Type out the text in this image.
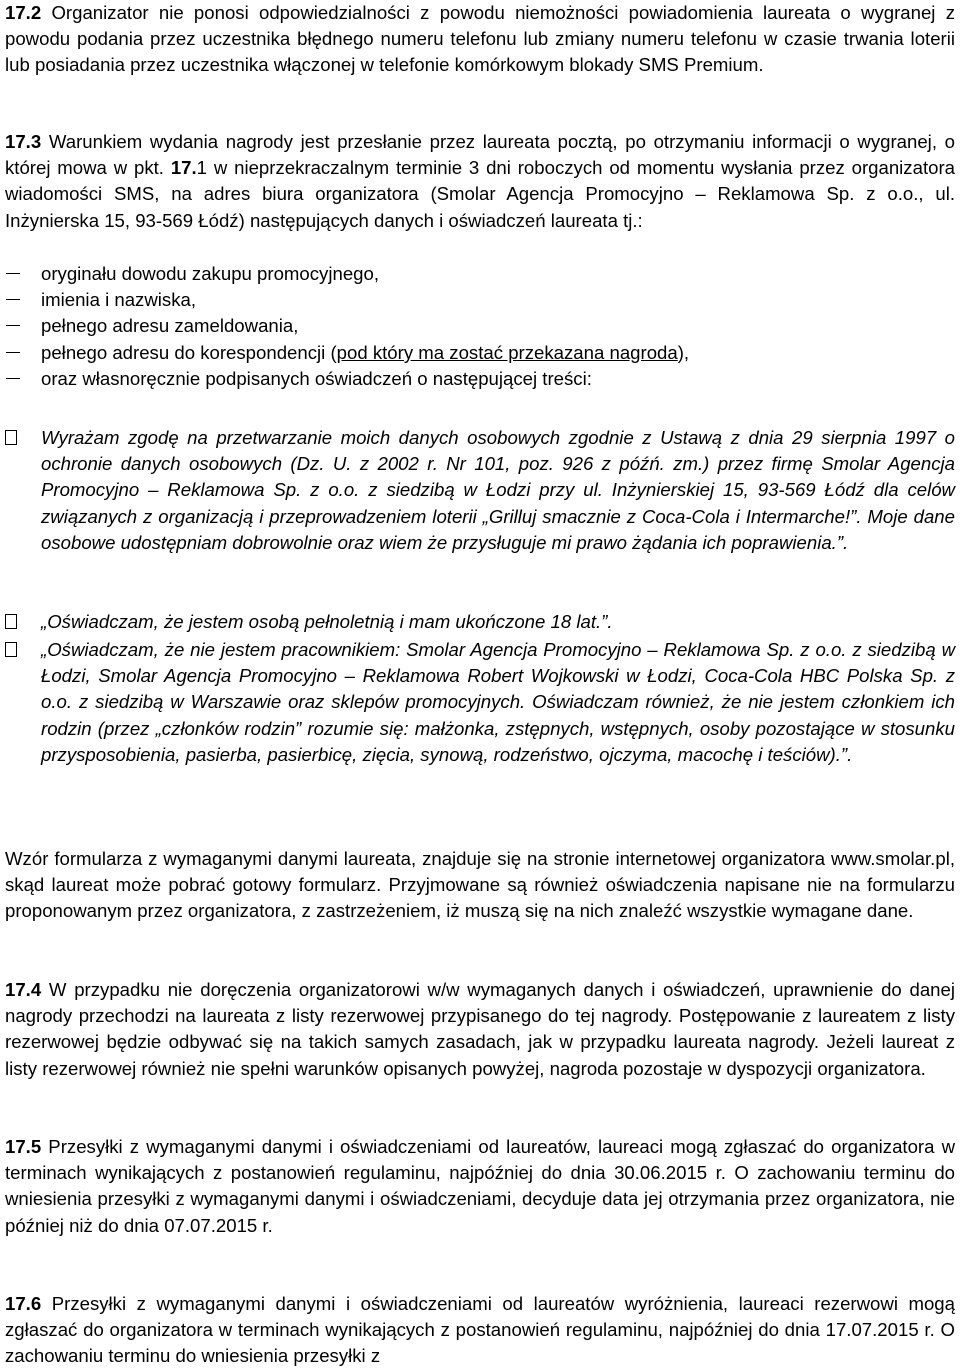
17.2 Organizator nie ponosi odpowiedzialności z powodu niemożności powiadomienia laureata o wygranej z powodu podania przez uczestnika błędnego numeru telefonu lub zmiany numeru telefonu w czasie trwania loterii lub posiadania przez uczestnika włączonej w telefonie komórkowym blokady SMS Premium.

17.3 Warunkiem wydania nagrody jest przesłanie przez laureata pocztą, po otrzymaniu informacji o wygranej, o której mowa w pkt. 17.1 w nieprzekraczalnym terminie 3 dni roboczych od momentu wysłania przez organizatora wiadomości SMS, na adres biura organizatora (Smolar Agencja Promocyjno – Reklamowa Sp. z o.o., ul. Inżynierska 15, 93-569 Łódź) następujących danych i oświadczeń laureata tj.:

oryginału dowodu zakupu promocyjnego,
imienia i nazwiska,
pełnego adresu zameldowania,
pełnego adresu do korespondencji (pod który ma zostać przekazana nagroda),
oraz własnoręcznie podpisanych oświadczeń o następującej treści:

Wyrażam zgodę na przetwarzanie moich danych osobowych zgodnie z Ustawą z dnia 29 sierpnia 1997 o ochronie danych osobowych (Dz. U. z 2002 r. Nr 101, poz. 926 z późń. zm.) przez firmę Smolar Agencja Promocyjno – Reklamowa Sp. z o.o. z siedzibą w Łodzi przy ul. Inżynierskiej 15, 93-569 Łódź dla celów związanych z organizacją i przeprowadzeniem loterii „Grilluj smacznie z Coca-Cola i Intermarche!”. Moje dane osobowe udostępniam dobrowolnie oraz wiem że przysługuje mi prawo żądania ich poprawienia.”.

„Oświadczam, że jestem osobą pełnoletnią i mam ukończone 18 lat.”.

„Oświadczam, że nie jestem pracownikiem: Smolar Agencja Promocyjno – Reklamowa Sp. z o.o. z siedzibą w Łodzi, Smolar Agencja Promocyjno – Reklamowa Robert Wojkowski w Łodzi, Coca-Cola HBC Polska Sp. z o.o. z siedzibą w Warszawie oraz sklepów promocyjnych. Oświadczam również, że nie jestem członkiem ich rodzin (przez „członków rodzin” rozumie się: małżonka, zstępnych, wstępnych, osoby pozostające w stosunku przysposobienia, pasierba, pasierbicę, zięcia, synową, rodzeństwo, ojczyma, macochę i teściów).”.

Wzór formularza z wymaganymi danymi laureata, znajduje się na stronie internetowej organizatora www.smolar.pl, skąd laureat może pobrać gotowy formularz. Przyjmowane są również oświadczenia napisane nie na formularzu proponowanym przez organizatora, z zastrzeżeniem, iż muszą się na nich znaleźć wszystkie wymagane dane.

17.4 W przypadku nie doręczenia organizatorowi w/w wymaganych danych i oświadczeń, uprawnienie do danej nagrody przechodzi na laureata z listy rezerwowej przypisanego do tej nagrody. Postępowanie z laureatem z listy rezerwowej będzie odbywać się na takich samych zasadach, jak w przypadku laureata nagrody. Jeżeli laureat z listy rezerwowej również nie spełni warunków opisanych powyżej, nagroda pozostaje w dyspozycji organizatora.

17.5 Przesyłki z wymaganymi danymi i oświadczeniami od laureatów, laureaci mogą zgłaszać do organizatora w terminach wynikających z postanowień regulaminu, najpóźniej do dnia 30.06.2015 r. O zachowaniu terminu do wniesienia przesyłki z wymaganymi danymi i oświadczeniami, decyduje data jej otrzymania przez organizatora, nie później niż do dnia 07.07.2015 r.

17.6 Przesyłki z wymaganymi danymi i oświadczeniami od laureatów wyróżnienia, laureaci rezerwowi mogą zgłaszać do organizatora w terminach wynikających z postanowień regulaminu, najpóźniej do dnia 17.07.2015 r. O zachowaniu terminu do wniesienia przesyłki z
